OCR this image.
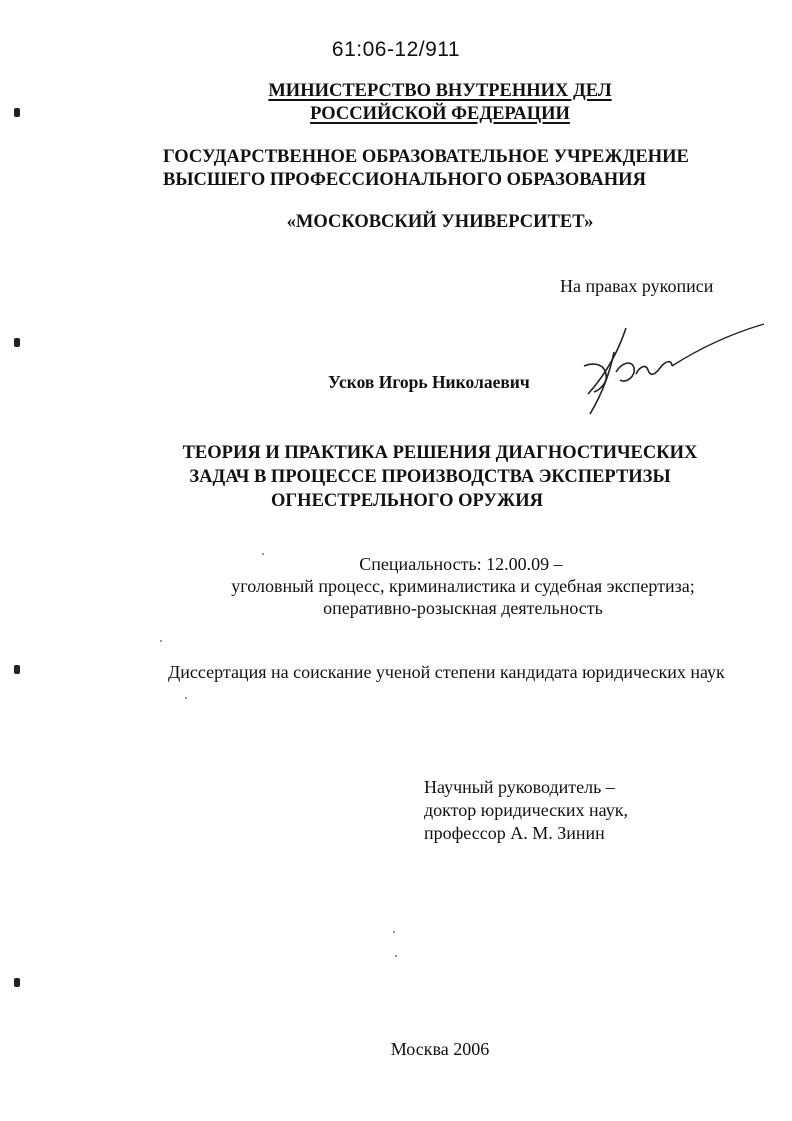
61:06-12/911
МИНИСТЕРСТВО ВНУТРЕННИХ ДЕЛ
РОССИЙСКОЙ ФЕДЕРАЦИИ
ГОСУДАРСТВЕННОЕ ОБРАЗОВАТЕЛЬНОЕ УЧРЕЖДЕНИЕ
ВЫСШЕГО ПРОФЕССИОНАЛЬНОГО ОБРАЗОВАНИЯ
«МОСКОВСКИЙ УНИВЕРСИТЕТ»
На правах рукописи
Усков Игорь Николаевич
ТЕОРИЯ И ПРАКТИКА РЕШЕНИЯ ДИАГНОСТИЧЕСКИХ
ЗАДАЧ В ПРОЦЕССЕ ПРОИЗВОДСТВА ЭКСПЕРТИЗЫ
ОГНЕСТРЕЛЬНОГО ОРУЖИЯ
Специальность: 12.00.09 –
уголовный процесс, криминалистика и судебная экспертиза;
оперативно-розыскная деятельность
Диссертация на соискание ученой степени кандидата юридических наук
Научный руководитель –
доктор юридических наук,
профессор А. М. Зинин
Москва 2006
